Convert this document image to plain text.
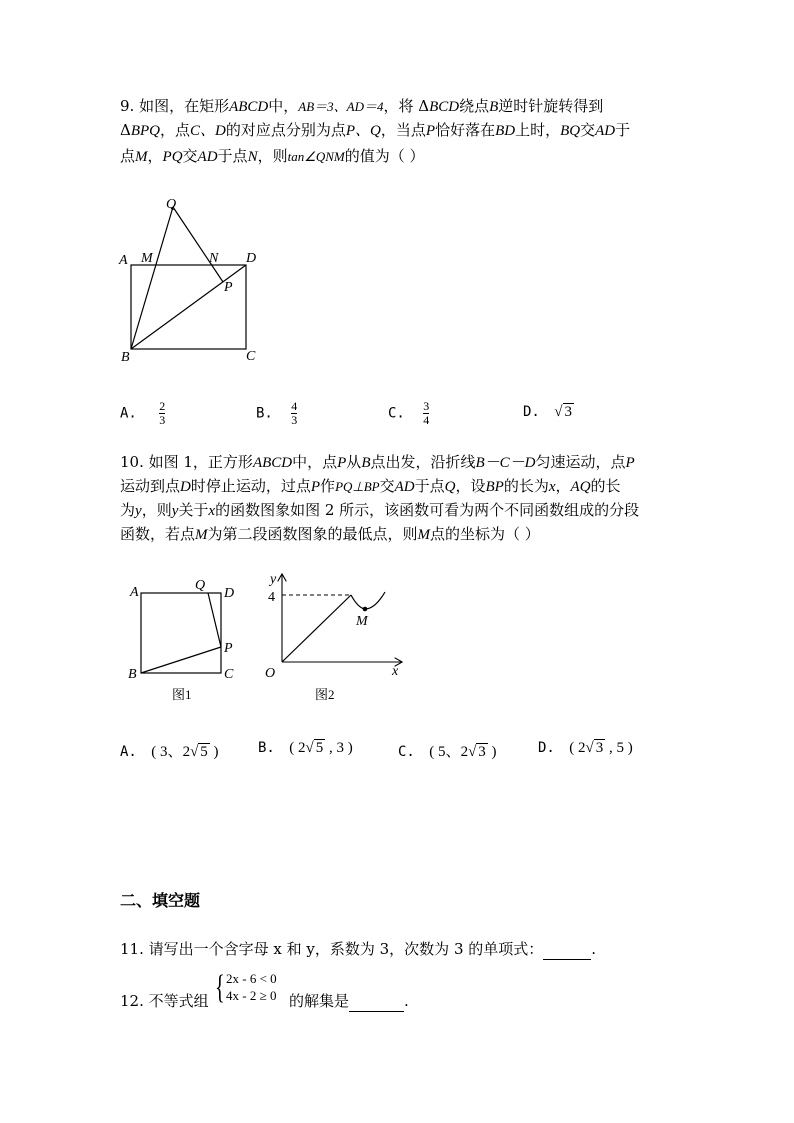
9. 如图，在矩形ABCD中，AB＝3、AD＝4，将 ΔBCD绕点B逆时针旋转得到
ΔBPQ，点C、D的对应点分别为点P、Q，当点P恰好落在BD上时，BQ交AD于
点M，PQ交AD于点N，则tan∠QNM的值为（ ）
Q
A M	N D
P
B	C
A. $\frac{2}{3}$	B. $\frac{4}{3}$	C. $\frac{3}{4}$	D. √ 3
10. 如图 1，正方形ABCD中，点P从B点出发，沿折线B－C－D匀速运动，点P
运动到点D时停止运动，过点P作PQ⊥BP交AD于点Q，设BP的长为x，AQ的长
为y，则y关于x的函数图象如图 2 所示，该函数可看为两个不同函数组成的分段
函数，若点M为第二段函数图象的最低点，则M点的坐标为（ ）
A	Q
D
P
B	C
图1
y
4
M
O	x
图2
A. ( 3、2√ 5 )	B. ( 2√ 5 , 3 )	C. ( 5、2√ 3 )	D. ( 2√ 3 , 5 )
二、填空题
11. 请写出一个含字母 x 和 y，系数为 3，次数为 3 的单项式：	.
12. 不等式组 { 2x - 6 < 0
4x - 2 ≥ 0 的解集是	.
